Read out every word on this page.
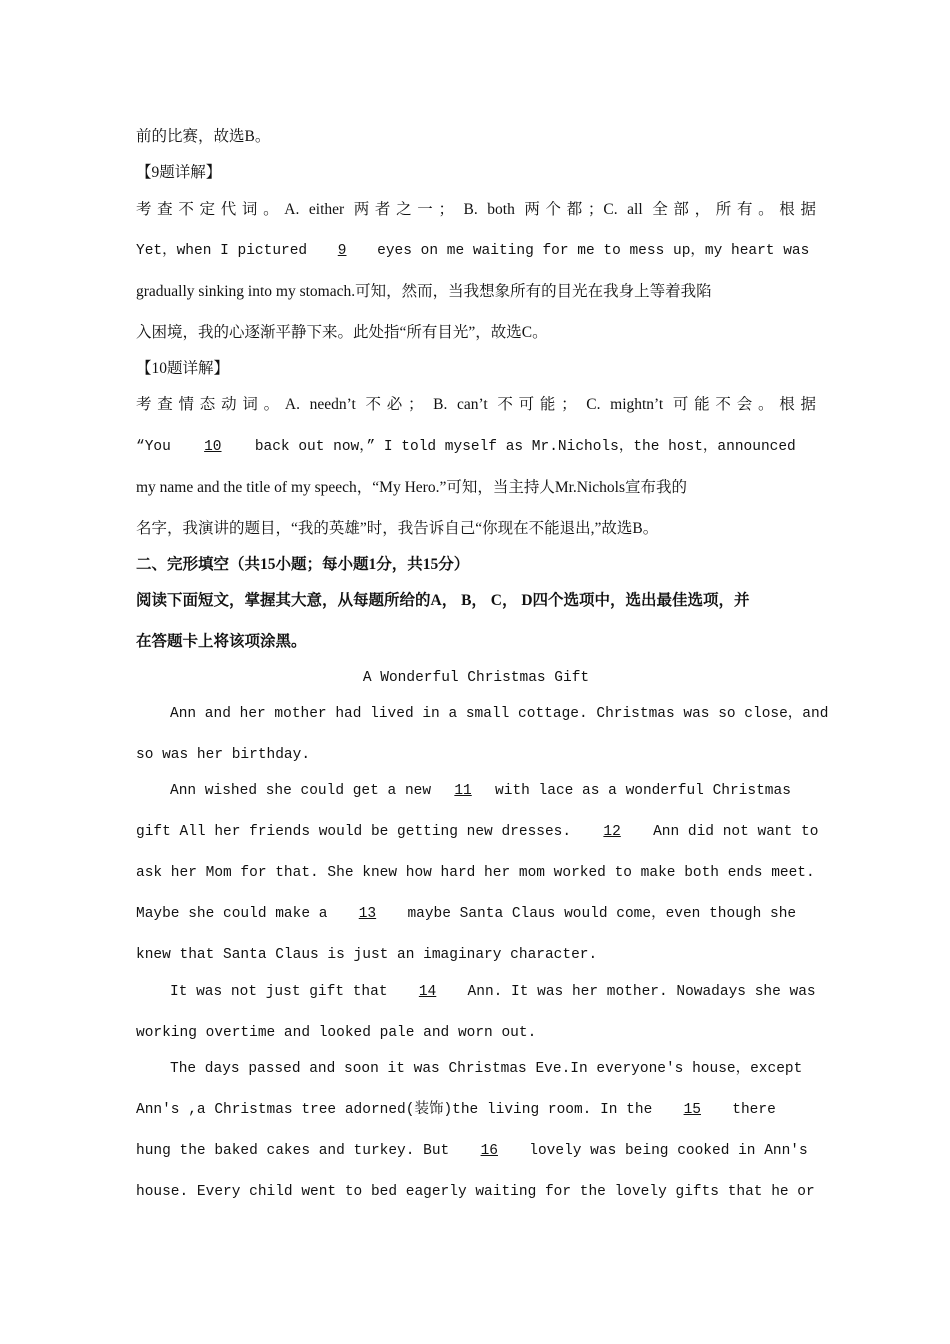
前的比赛，故选B。
【9题详解】
考查不定代词。A. either 两者之一； B. both 两个都；C. all 全部，所有。根据
Yet，when I pictured 9 eyes on me waiting for me to mess up，my heart was
gradually sinking into my stomach.可知，然而，当我想象所有的目光在我身上等着我陷
入困境，我的心逐渐平静下来。此处指“所有目光”，故选C。
【10题详解】
考查情态动词。A. needn’t 不必； B. can’t 不可能； C. mightn’t 可能不会。根据
“You 10 back out now，” I told myself as Mr.Nichols，the host，announced
my name and the title of my speech，“My Hero.”可知，当主持人Mr.Nichols宣布我的
名字，我演讲的题目，“我的英雄”时，我告诉自己“你现在不能退出,”故选B。
二、完形填空（共15小题；每小题1分，共15分）
阅读下面短文，掌握其大意，从每题所给的A， B， C， D四个选项中，选出最佳选项，并
在答题卡上将该项涂黑。
A Wonderful Christmas Gift
Ann and her mother had lived in a small cottage. Christmas was so close，and
so was her birthday.
Ann wished she could get a new 11 with lace as a wonderful Christmas
gift All her friends would be getting new dresses. 12 Ann did not want to
ask her Mom for that. She knew how hard her mom worked to make both ends meet.
Maybe she could make a 13 maybe Santa Claus would come，even though she
knew that Santa Claus is just an imaginary character.
It was not just gift that 14 Ann. It was her mother. Nowadays she was
working overtime and looked pale and worn out.
The days passed and soon it was Christmas Eve.In everyone's house，except
Ann's ,a Christmas tree adorned(装饰)the living room. In the 15 there
hung the baked cakes and turkey. But 16 lovely was being cooked in Ann's
house. Every child went to bed eagerly waiting for the lovely gifts that he or
